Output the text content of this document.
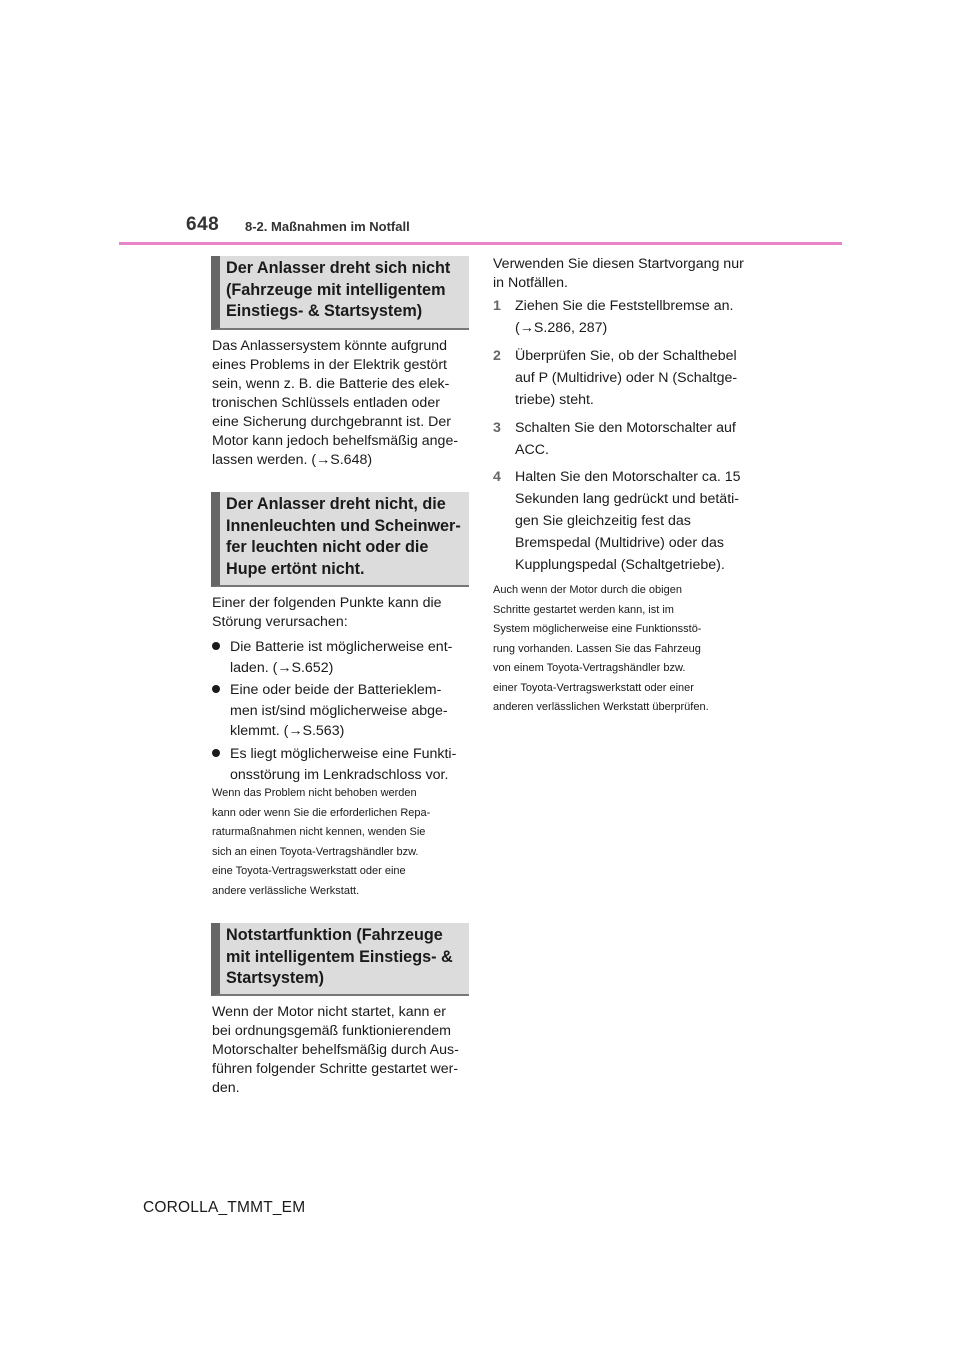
648 8-2. Maßnahmen im Notfall
Der Anlasser dreht sich nicht
(Fahrzeuge mit intelligentem
Einstiegs- & Startsystem)
Das Anlassersystem könnte aufgrund
eines Problems in der Elektrik gestört
sein, wenn z. B. die Batterie des elek-
tronischen Schlüssels entladen oder
eine Sicherung durchgebrannt ist. Der
Motor kann jedoch behelfsmäßig ange-
lassen werden. (→S.648)
Der Anlasser dreht nicht, die
Innenleuchten und Scheinwer-
fer leuchten nicht oder die
Hupe ertönt nicht.
Einer der folgenden Punkte kann die
Störung verursachen:
Die Batterie ist möglicherweise ent-
laden. (→S.652)
Eine oder beide der Batterieklem-
men ist/sind möglicherweise abge-
klemmt. (→S.563)
Es liegt möglicherweise eine Funkti-
onsstörung im Lenkradschloss vor.
Wenn das Problem nicht behoben werden
kann oder wenn Sie die erforderlichen Repa-
raturmaßnahmen nicht kennen, wenden Sie
sich an einen Toyota-Vertragshändler bzw.
eine Toyota-Vertragswerkstatt oder eine
andere verlässliche Werkstatt.
Notstartfunktion (Fahrzeuge
mit intelligentem Einstiegs- &
Startsystem)
Wenn der Motor nicht startet, kann er
bei ordnungsgemäß funktionierendem
Motorschalter behelfsmäßig durch Aus-
führen folgender Schritte gestartet wer-
den.
Verwenden Sie diesen Startvorgang nur
in Notfällen.
1 Ziehen Sie die Feststellbremse an.
(→S.286, 287)
2 Überprüfen Sie, ob der Schalthebel
auf P (Multidrive) oder N (Schaltge-
triebe) steht.
3 Schalten Sie den Motorschalter auf
ACC.
4 Halten Sie den Motorschalter ca. 15
Sekunden lang gedrückt und betäti-
gen Sie gleichzeitig fest das
Bremspedal (Multidrive) oder das
Kupplungspedal (Schaltgetriebe).
Auch wenn der Motor durch die obigen
Schritte gestartet werden kann, ist im
System möglicherweise eine Funktionsstö-
rung vorhanden. Lassen Sie das Fahrzeug
von einem Toyota-Vertragshändler bzw.
einer Toyota-Vertragswerkstatt oder einer
anderen verlässlichen Werkstatt überprüfen.
COROLLA_TMMT_EM
